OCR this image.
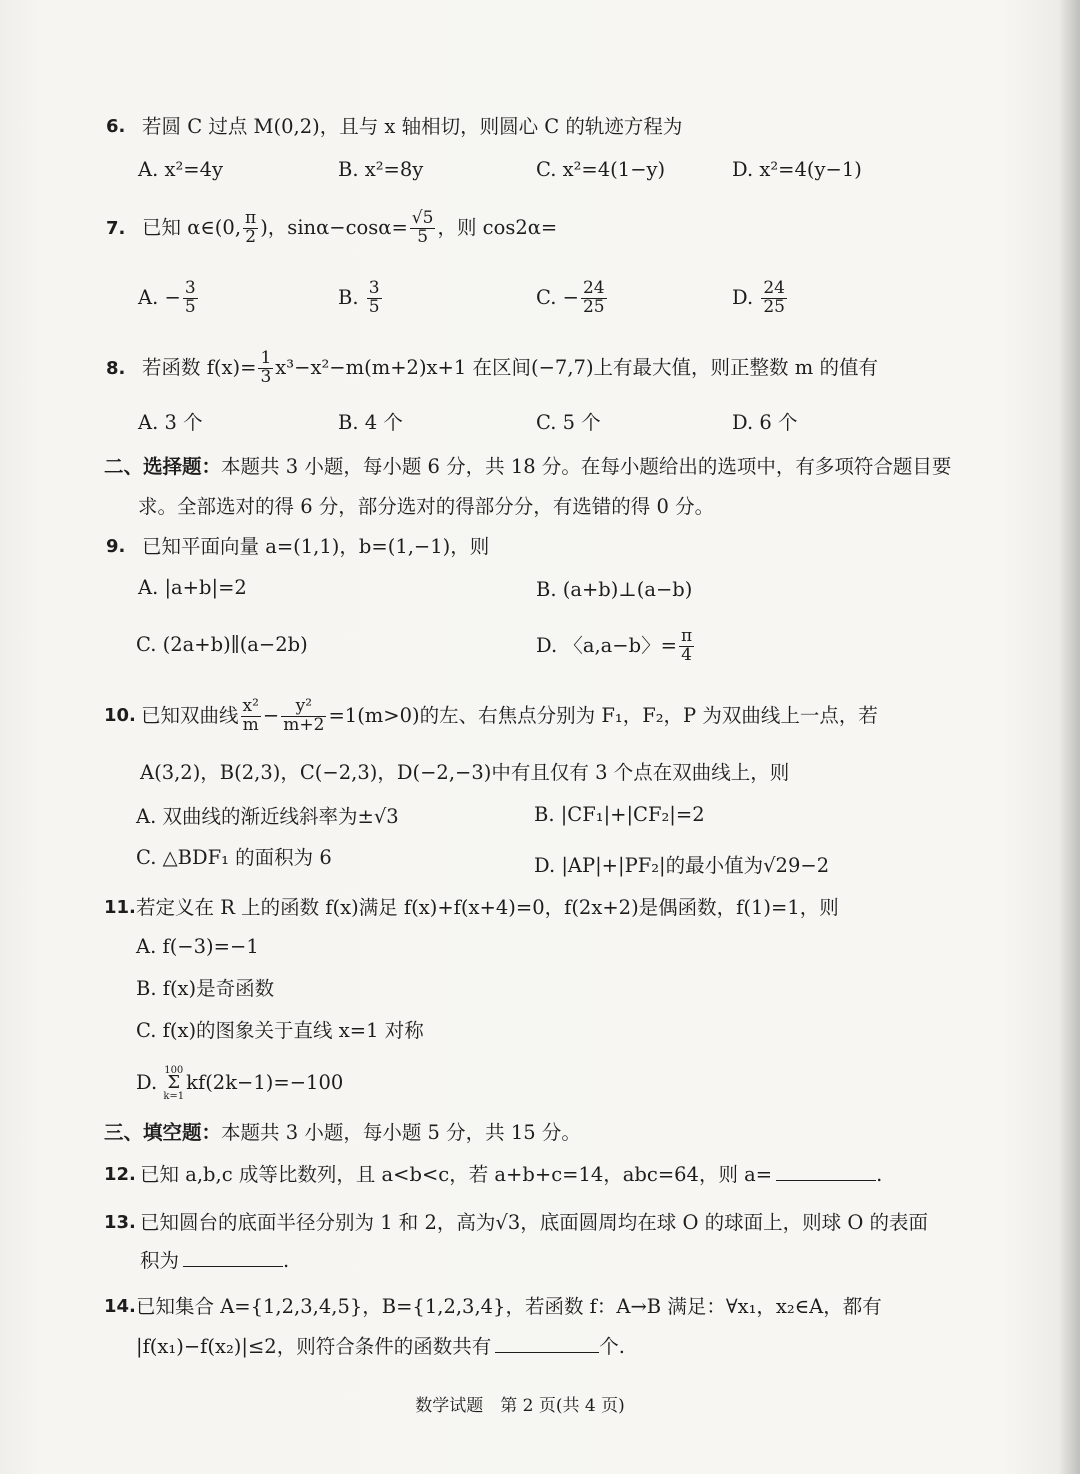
6. 若圆 C 过点 M(0,2)，且与 x 轴相切，则圆心 C 的轨迹方程为
A. x²=4y	B. x²=8y	C. x²=4(1−y)	D. x²=4(y−1)
7. 已知 α∈(0, $\frac{\pi}{2}$ )，$\sin\alpha-\cos\alpha= \frac{√5}{5}$ ，则 cos2α=
A. − $\frac{3}{5}$	B. $\frac{3}{5}$	C. − $\frac{24}{25}$	D. $\frac{24}{25}$
8. 若函数 $f(x)= \frac{1}{3} x^3-x^2-m(m+2)x+1$ 在区间(−7,7)上有最大值，则正整数 m 的值有
A. 3 个	B. 4 个	C. 5 个	D. 6 个
二、选择题：本题共 3 小题，每小题 6 分，共 18 分。在每小题给出的选项中，有多项符合题目要
求。全部选对的得 6 分，部分选对的得部分分，有选错的得 0 分。
9. 已知平面向量 a=(1,1)，b=(1,−1)，则
A. |a+b|=2	B. (a+b)⊥(a−b)
C. (2a+b)∥(a−2b)	D. 〈a,a−b〉= $\frac{\pi}{4}$
10. 已知双曲线 $\frac{\text{x²}}{m} - \frac{\text{y²}}{m+2} =1(m>0)$的左、右焦点分别为 F₁，F₂，P 为双曲线上一点，若
A(3,2)，B(2,3)，C(−2,3)，D(−2,−3)中有且仅有 3 个点在双曲线上，则
A. 双曲线的渐近线斜率为±√3	B. |CF₁|+|CF₂|=2
C. △BDF₁ 的面积为 6	D. |AP|+|PF₂|的最小值为√29−2
11. 若定义在 R 上的函数 f(x)满足 f(x)+f(x+4)=0，f(2x+2)是偶函数，f(1)=1，则
A. f(−3)=−1
B. f(x)是奇函数
C. f(x)的图象关于直线 x=1 对称
D.
100
Σ
k=1
kf(2k−1)=−100
三、填空题：本题共 3 小题，每小题 5 分，共 15 分。
12. 已知 a,b,c 成等比数列，且 a<b<c，若 a+b+c=14，abc=64，则 a=	.
13. 已知圆台的底面半径分别为 1 和 2，高为√3，底面圆周均在球 O 的球面上，则球 O 的表面
积为	.
14. 已知集合 A={1,2,3,4,5}，B={1,2,3,4}，若函数 f：A→B 满足：∀x₁，x₂∈A，都有
|f(x₁)−f(x₂)|≤2，则符合条件的函数共有	个.
数学试题　第 2 页(共 4 页)
